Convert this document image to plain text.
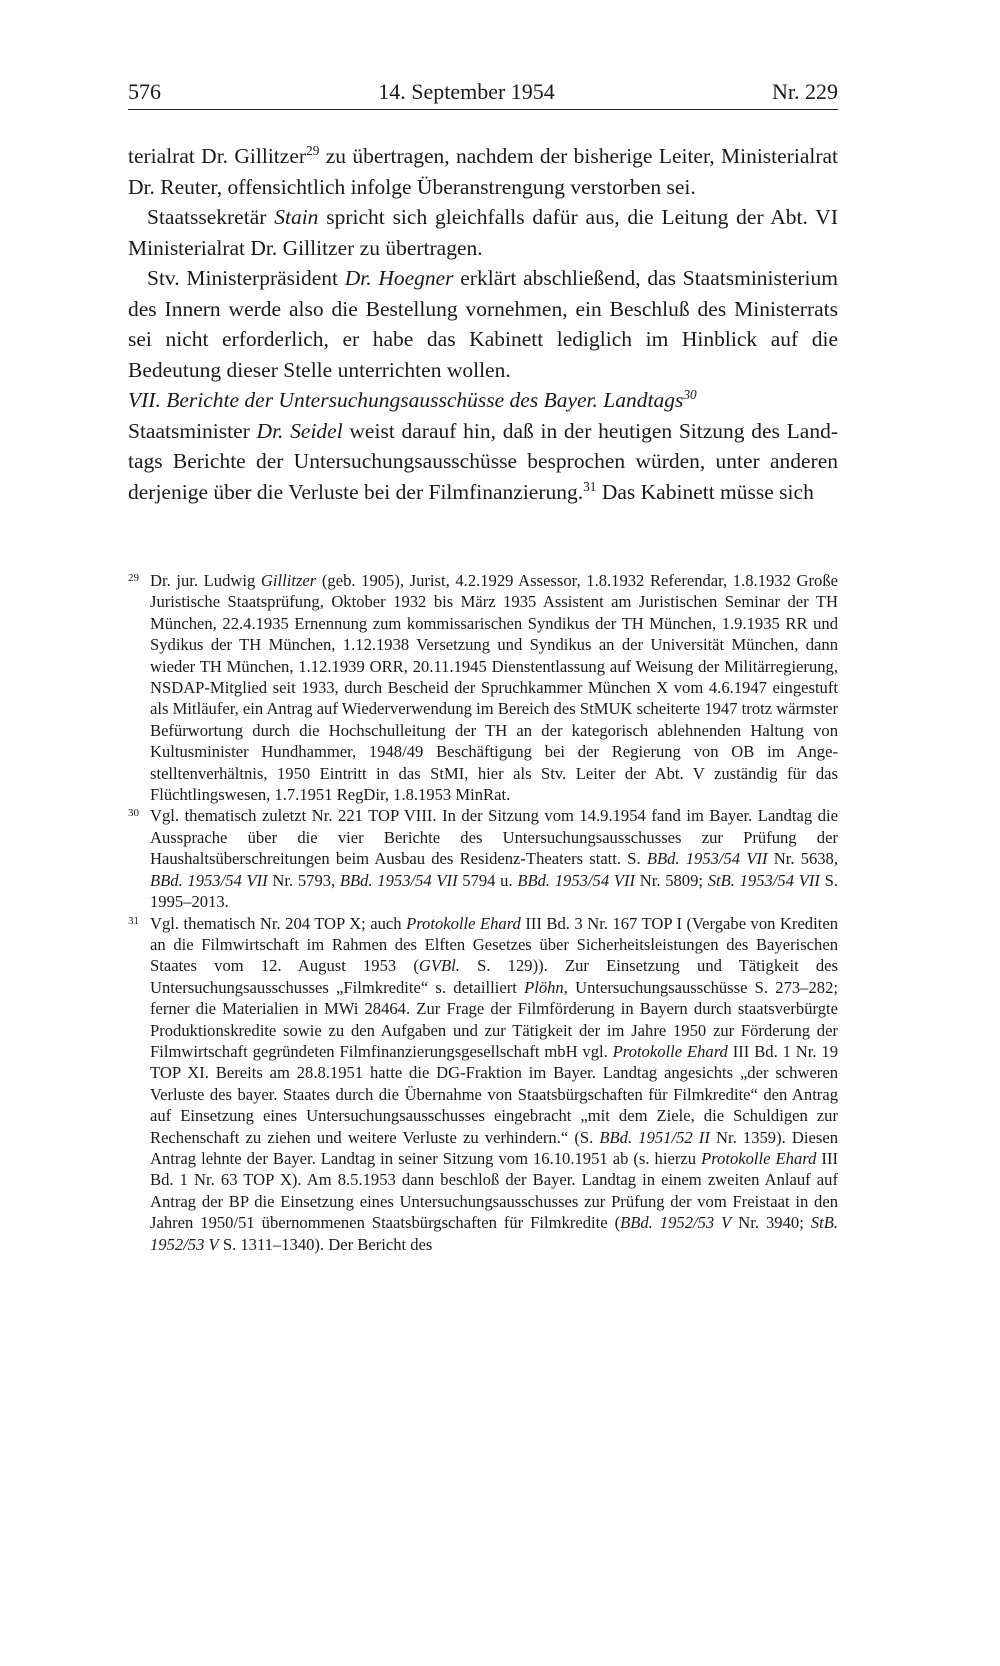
576	14. September 1954	Nr. 229

terialrat Dr. Gillitzer$^{29}$ zu übertragen, nachdem der bisherige Leiter, Ministerialrat Dr. Reuter, offensichtlich infolge Überanstrengung verstorben sei.

Staatssekretär Stain spricht sich gleichfalls dafür aus, die Leitung der Abt. VI Ministerialrat Dr. Gillitzer zu übertragen.

Stv. Ministerpräsident Dr. Hoegner erklärt abschließend, das Staatsministerium des Innern werde also die Bestellung vornehmen, ein Beschluß des Ministerrats sei nicht erforderlich, er habe das Kabinett lediglich im Hinblick auf die Bedeutung dieser Stelle unterrichten wollen.

VII. Berichte der Untersuchungsausschüsse des Bayer. Landtags$^{30}$

Staatsminister Dr. Seidel weist darauf hin, daß in der heutigen Sitzung des Landtags Berichte der Untersuchungsausschüsse besprochen würden, unter anderen derjenige über die Verluste bei der Filmfinanzierung.$^{31}$ Das Kabinett müsse sich

29 Dr. jur. Ludwig Gillitzer (geb. 1905), Jurist, 4.2.1929 Assessor, 1.8.1932 Referendar, 1.8.1932 Große Juristische Staatsprüfung, Oktober 1932 bis März 1935 Assistent am Juristischen Seminar der TH München, 22.4.1935 Ernennung zum kommissarischen Syndikus der TH München, 1.9.1935 RR und Sydikus der TH München, 1.12.1938 Versetzung und Syndikus an der Universität München, dann wieder TH München, 1.12.1939 ORR, 20.11.1945 Dienstentlassung auf Weisung der Militärregierung, NSDAP-Mitglied seit 1933, durch Bescheid der Spruchkammer München X vom 4.6.1947 eingestuft als Mitläufer, ein Antrag auf Wiederverwendung im Bereich des StMUK scheiterte 1947 trotz wärmster Befürwortung durch die Hochschulleitung der TH an der kategorisch ablehnenden Haltung von Kultusminister Hundhammer, 1948/49 Beschäftigung bei der Regierung von OB im Angestelltenverhältnis, 1950 Eintritt in das StMI, hier als Stv. Leiter der Abt. V zuständig für das Flüchtlingswesen, 1.7.1951 RegDir, 1.8.1953 MinRat.

30 Vgl. thematisch zuletzt Nr. 221 TOP VIII. In der Sitzung vom 14.9.1954 fand im Bayer. Landtag die Aussprache über die vier Berichte des Untersuchungsausschusses zur Prüfung der Haushaltsüberschreitungen beim Ausbau des Residenz-Theaters statt. S. BBd. 1953/54 VII Nr. 5638, BBd. 1953/54 VII Nr. 5793, BBd. 1953/54 VII 5794 u. BBd. 1953/54 VII Nr. 5809; StB. 1953/54 VII S. 1995–2013.

31 Vgl. thematisch Nr. 204 TOP X; auch Protokolle Ehard III Bd. 3 Nr. 167 TOP I (Vergabe von Krediten an die Filmwirtschaft im Rahmen des Elften Gesetzes über Sicherheitsleistungen des Bayerischen Staates vom 12. August 1953 (GVBl. S. 129)). Zur Einsetzung und Tätigkeit des Untersuchungsausschusses „Filmkredite“ s. detailliert Plöhn, Untersuchungsausschüsse S. 273–282; ferner die Materialien in MWi 28464. Zur Frage der Filmförderung in Bayern durch staatsverbürgte Produktionskredite sowie zu den Aufgaben und zur Tätigkeit der im Jahre 1950 zur Förderung der Filmwirtschaft gegründeten Filmfinanzierungsgesellschaft mbH vgl. Protokolle Ehard III Bd. 1 Nr. 19 TOP XI. Bereits am 28.8.1951 hatte die DG-Fraktion im Bayer. Landtag angesichts „der schweren Verluste des bayer. Staates durch die Übernahme von Staatsbürgschaften für Filmkredite“ den Antrag auf Einsetzung eines Untersuchungsausschusses eingebracht „mit dem Ziele, die Schuldigen zur Rechenschaft zu ziehen und weitere Verluste zu verhindern.“ (S. BBd. 1951/52 II Nr. 1359). Diesen Antrag lehnte der Bayer. Landtag in seiner Sitzung vom 16.10.1951 ab (s. hierzu Protokolle Ehard III Bd. 1 Nr. 63 TOP X). Am 8.5.1953 dann beschloß der Bayer. Landtag in einem zweiten Anlauf auf Antrag der BP die Einsetzung eines Untersuchungsausschusses zur Prüfung der vom Freistaat in den Jahren 1950/51 übernommenen Staatsbürgschaften für Filmkredite (BBd. 1952/53 V Nr. 3940; StB. 1952/53 V S. 1311–1340). Der Bericht des
